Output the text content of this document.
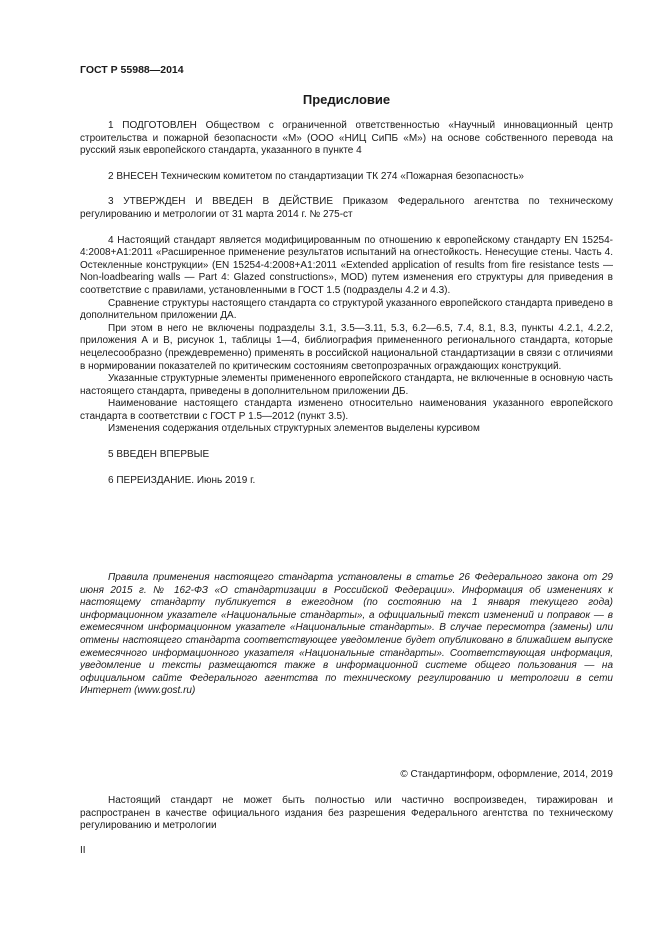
ГОСТ Р 55988—2014
Предисловие

1 ПОДГОТОВЛЕН Обществом с ограниченной ответственностью «Научный инновационный центр строительства и пожарной безопасности «М» (ООО «НИЦ СиПБ «М») на основе собственного перевода на русский язык европейского стандарта, указанного в пункте 4

2 ВНЕСЕН Техническим комитетом по стандартизации ТК 274 «Пожарная безопасность»

3 УТВЕРЖДЕН И ВВЕДЕН В ДЕЙСТВИЕ Приказом Федерального агентства по техническому регулированию и метрологии от 31 марта 2014 г. № 275-ст

4 Настоящий стандарт является модифицированным по отношению к европейскому стандарту EN 15254-4:2008+A1:2011 «Расширенное применение результатов испытаний на огнестойкость. Ненесущие стены. Часть 4. Остекленные конструкции» (EN 15254-4:2008+A1:2011 «Extended application of results from fire resistance tests — Non-loadbearing walls — Part 4: Glazed constructions», MOD) путем изменения его структуры для приведения в соответствие с правилами, установленными в ГОСТ 1.5 (подразделы 4.2 и 4.3).

Сравнение структуры настоящего стандарта со структурой указанного европейского стандарта приведено в дополнительном приложении ДА.

При этом в него не включены подразделы 3.1, 3.5—3.11, 5.3, 6.2—6.5, 7.4, 8.1, 8.3, пункты 4.2.1, 4.2.2, приложения А и В, рисунок 1, таблицы 1—4, библиография примененного регионального стандарта, которые нецелесообразно (преждевременно) применять в российской национальной стандартизации в связи с отличиями в нормировании показателей по критическим состояниям светопрозрачных ограждающих конструкций.

Указанные структурные элементы примененного европейского стандарта, не включенные в основную часть настоящего стандарта, приведены в дополнительном приложении ДБ.

Наименование настоящего стандарта изменено относительно наименования указанного европейского стандарта в соответствии с ГОСТ Р 1.5—2012 (пункт 3.5).

Изменения содержания отдельных структурных элементов выделены курсивом

5 ВВЕДЕН ВПЕРВЫЕ

6 ПЕРЕИЗДАНИЕ. Июнь 2019 г.

Правила применения настоящего стандарта установлены в статье 26 Федерального закона от 29 июня 2015 г. № 162-ФЗ «О стандартизации в Российской Федерации». Информация об изменениях к настоящему стандарту публикуется в ежегодном (по состоянию на 1 января текущего года) информационном указателе «Национальные стандарты», а официальный текст изменений и поправок — в ежемесячном информационном указателе «Национальные стандарты». В случае пересмотра (замены) или отмены настоящего стандарта соответствующее уведомление будет опубликовано в ближайшем выпуске ежемесячного информационного указателя «Национальные стандарты». Соответствующая информация, уведомление и тексты размещаются также в информационной системе общего пользования — на официальном сайте Федерального агентства по техническому регулированию и метрологии в сети Интернет (www.gost.ru)

© Стандартинформ, оформление, 2014, 2019

Настоящий стандарт не может быть полностью или частично воспроизведен, тиражирован и распространен в качестве официального издания без разрешения Федерального агентства по техническому регулированию и метрологии

II
